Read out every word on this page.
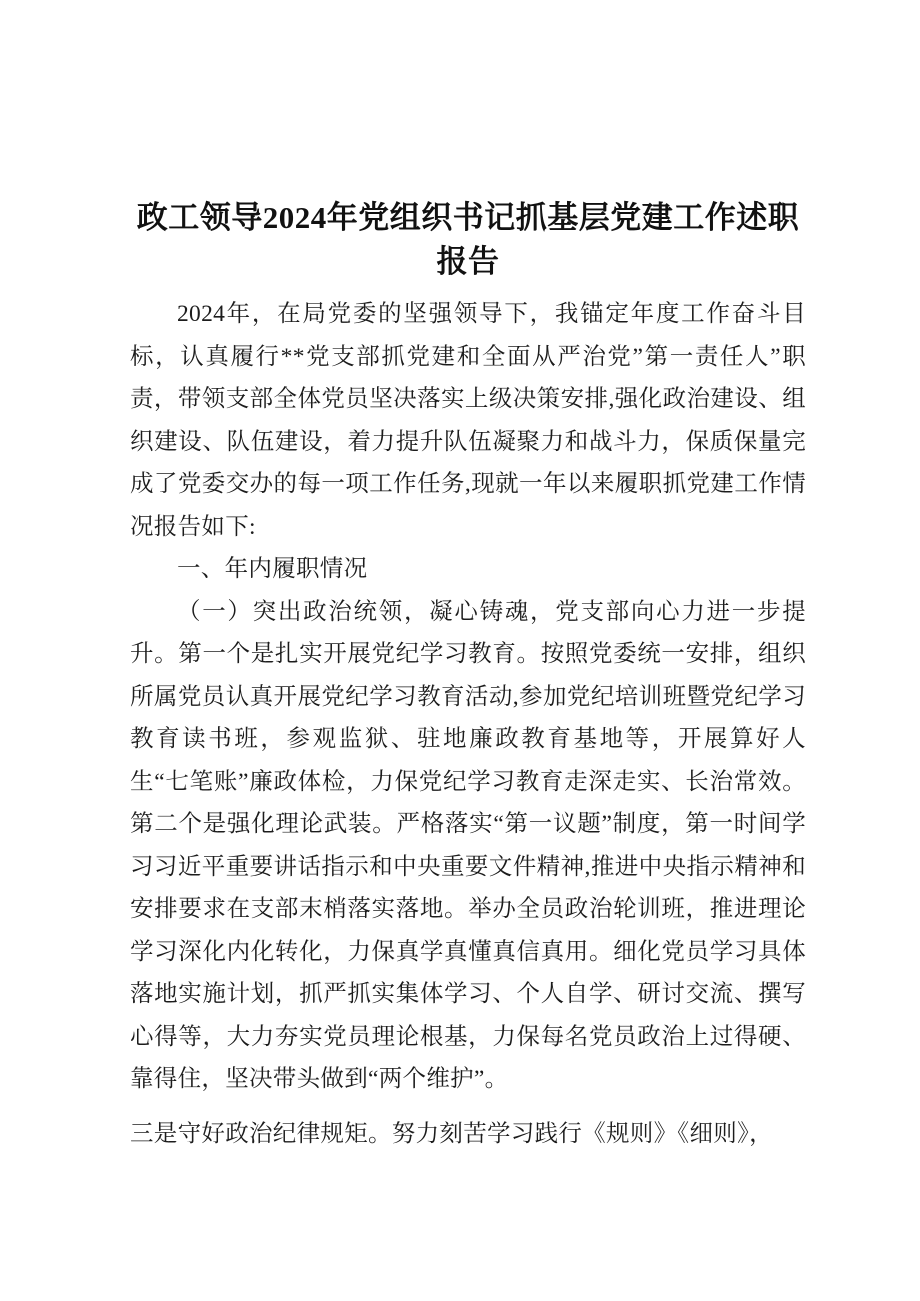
政工领导2024年党组织书记抓基层党建工作述职报告

2024年，在局党委的坚强领导下，我锚定年度工作奋斗目标，认真履行**党支部抓党建和全面从严治党”第一责任人”职责，带领支部全体党员坚决落实上级决策安排,强化政治建设、组织建设、队伍建设，着力提升队伍凝聚力和战斗力，保质保量完成了党委交办的每一项工作任务,现就一年以来履职抓党建工作情况报告如下:

一、年内履职情况

（一）突出政治统领，凝心铸魂，党支部向心力进一步提升。第一个是扎实开展党纪学习教育。按照党委统一安排，组织所属党员认真开展党纪学习教育活动,参加党纪培训班暨党纪学习教育读书班，参观监狱、驻地廉政教育基地等，开展算好人生“七笔账”廉政体检，力保党纪学习教育走深走实、长治常效。第二个是强化理论武装。严格落实“第一议题”制度，第一时间学习习近平重要讲话指示和中央重要文件精神,推进中央指示精神和安排要求在支部末梢落实落地。举办全员政治轮训班，推进理论学习深化内化转化，力保真学真懂真信真用。细化党员学习具体落地实施计划，抓严抓实集体学习、个人自学、研讨交流、撰写心得等，大力夯实党员理论根基，力保每名党员政治上过得硬、靠得住，坚决带头做到“两个维护”。

三是守好政治纪律规矩。努力刻苦学习践行《规则》《细则》，
